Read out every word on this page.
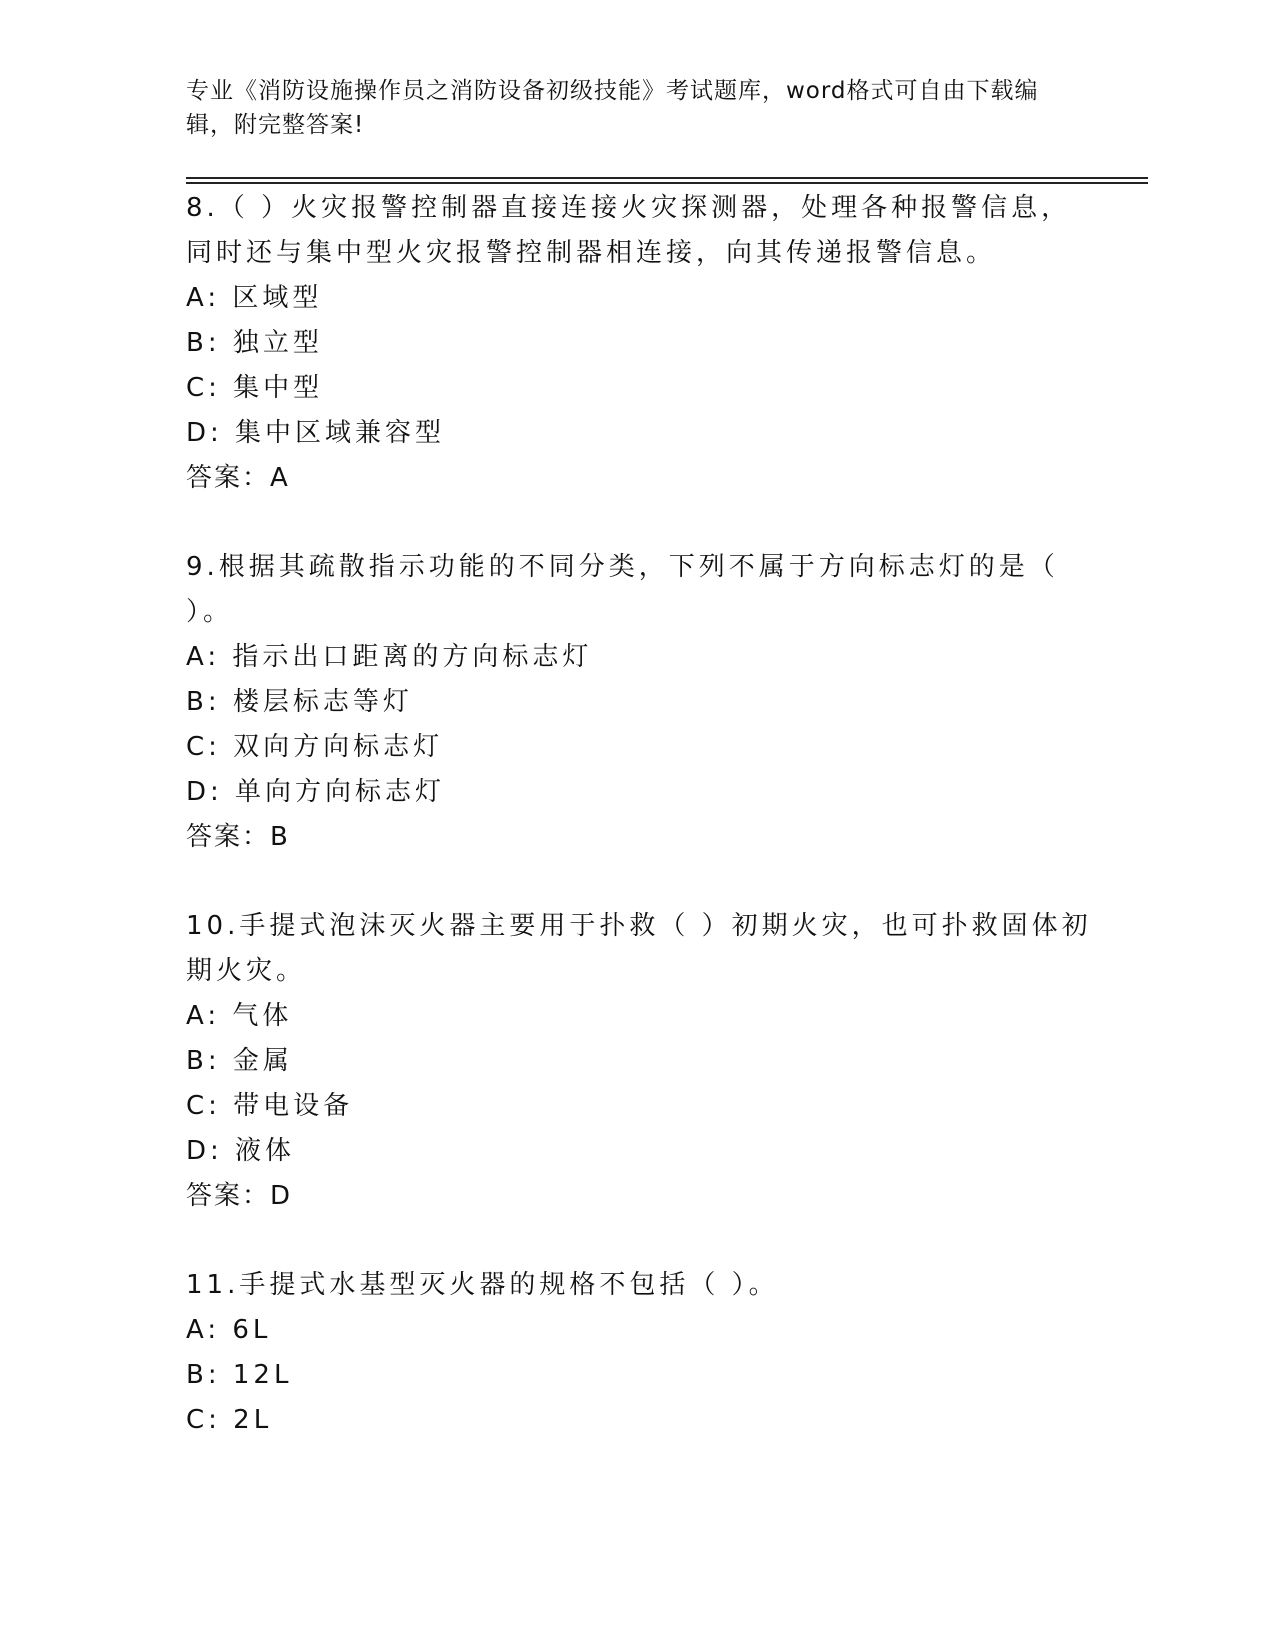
专业《消防设施操作员之消防设备初级技能》考试题库，word格式可自由下载编

辑，附完整答案!

8.（ ）火灾报警控制器直接连接火灾探测器，处理各种报警信息，

同时还与集中型火灾报警控制器相连接，向其传递报警信息。

A: 区域型

B: 独立型

C: 集中型

D: 集中区域兼容型

答案：A

9.根据其疏散指示功能的不同分类，下列不属于方向标志灯的是（

）。

A: 指示出口距离的方向标志灯

B: 楼层标志等灯

C: 双向方向标志灯

D: 单向方向标志灯

答案：B

10.手提式泡沫灭火器主要用于扑救（ ）初期火灾，也可扑救固体初

期火灾。

A: 气体

B: 金属

C: 带电设备

D: 液体

答案：D

11.手提式水基型灭火器的规格不包括（ ）。

A: 6L

B: 12L

C: 2L
